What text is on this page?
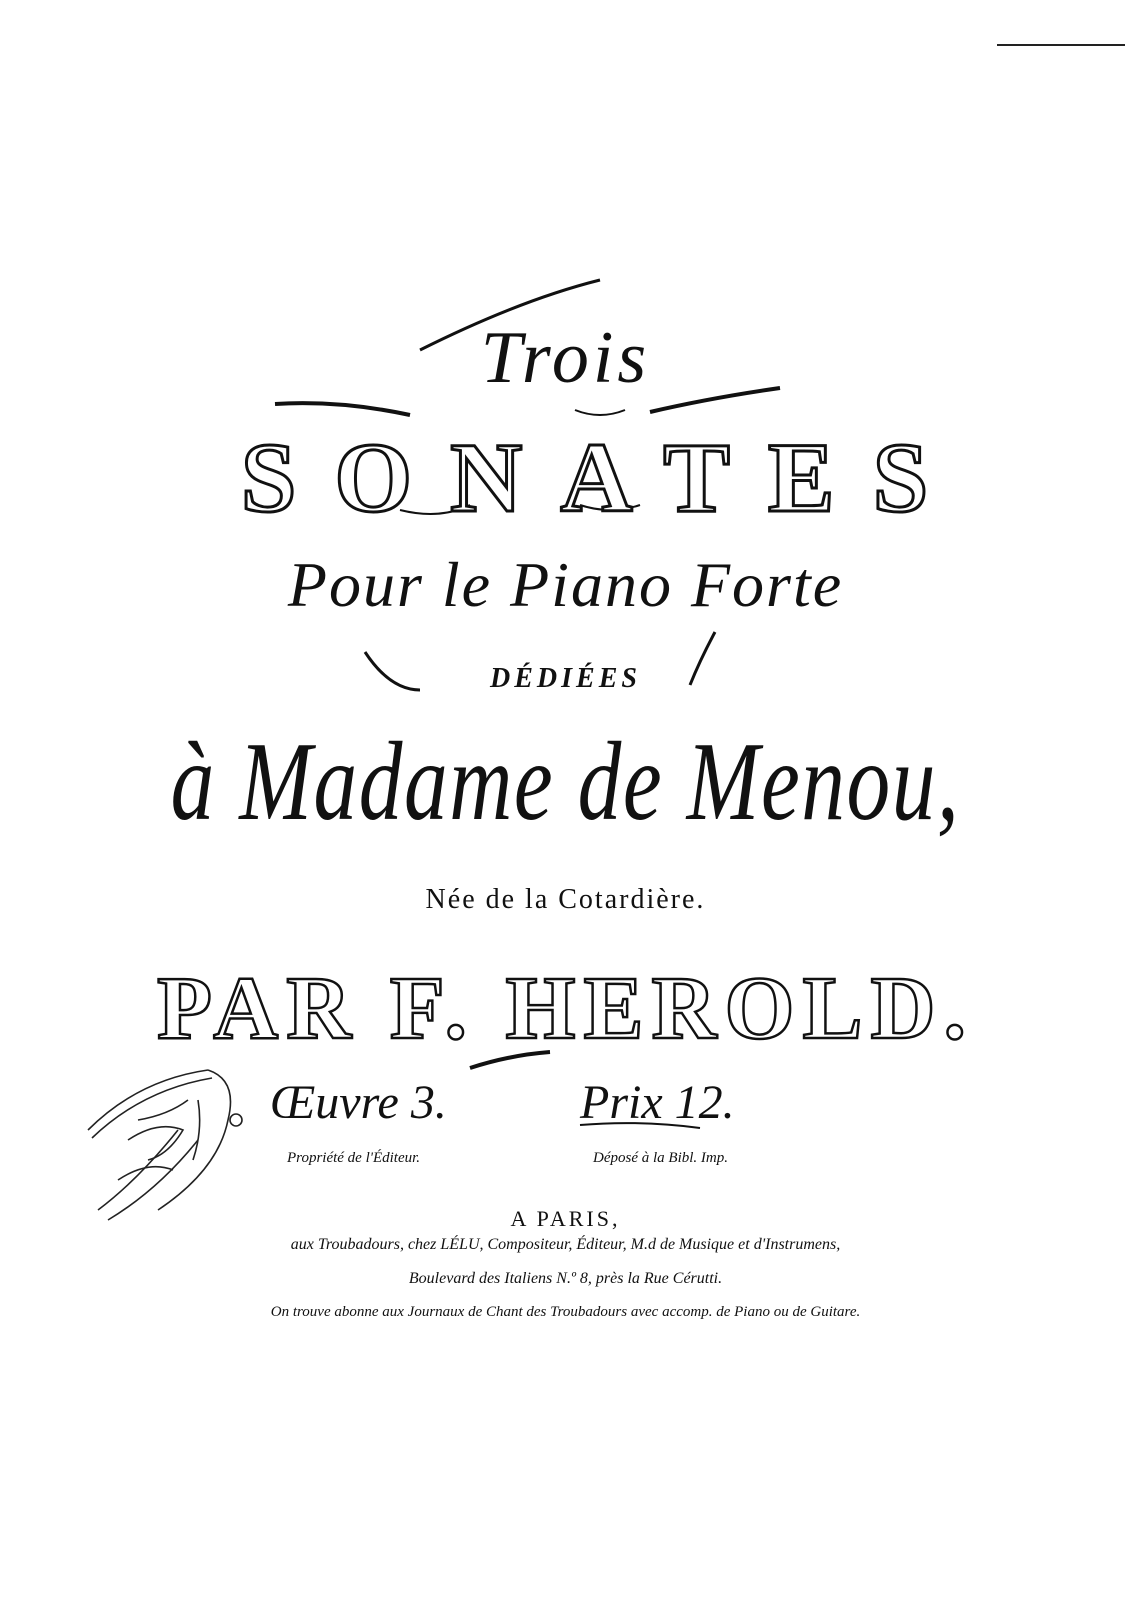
Trois
SONATES
Pour le Piano Forte
DÉDIÉES
à Madame de Menou,
Née de la Cotardière.
PAR F. HEROLD.
Œuvre 3.	Prix 12.
Propriété de l'Éditeur.	Déposé à la Bibl. Imp.
A PARIS,
aux Troubadours, chez LÉLU, Compositeur, Éditeur, M.d de Musique et d'Instrumens,
Boulevard des Italiens N.º 8, près la Rue Cérutti.
On trouve abonne aux Journaux de Chant des Troubadours avec accomp. de Piano ou de Guitare.
